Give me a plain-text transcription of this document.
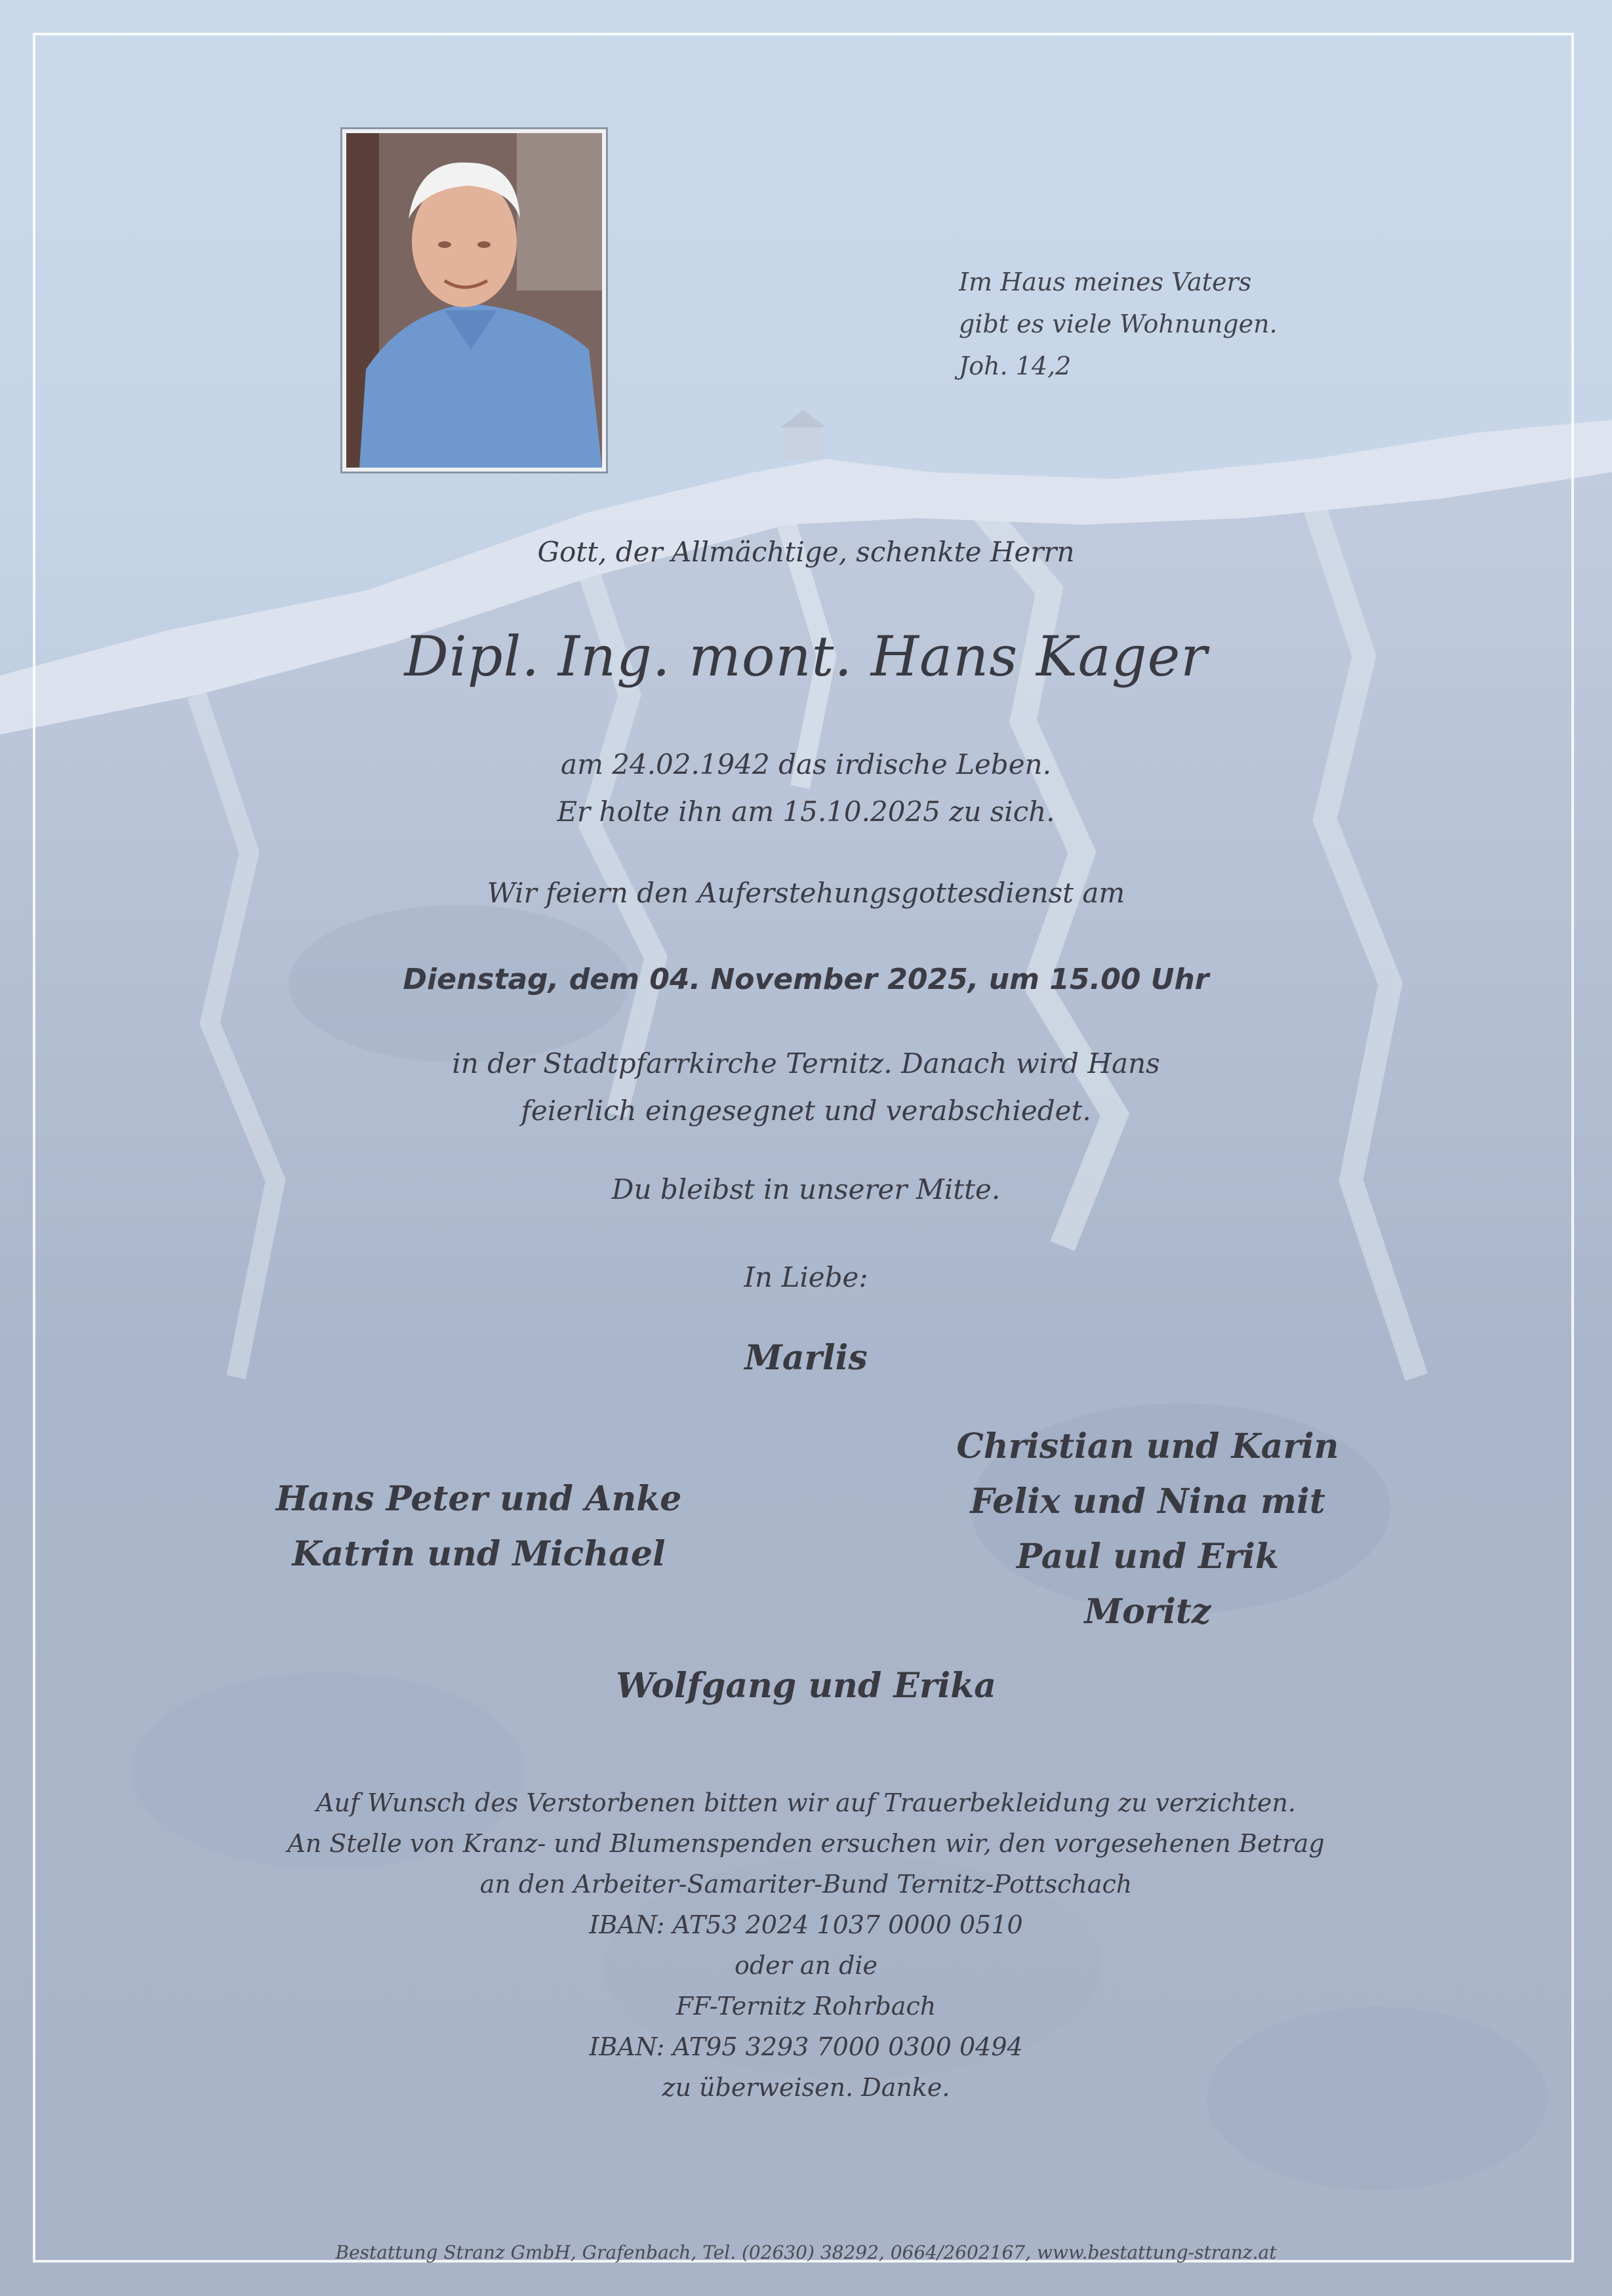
Im Haus meines Vaters
gibt es viele Wohnungen.
Joh. 14,2
Gott, der Allmächtige, schenkte Herrn
Dipl. Ing. mont. Hans Kager
am 24.02.1942 das irdische Leben.
Er holte ihn am 15.10.2025 zu sich.
Wir feiern den Auferstehungsgottesdienst am
Dienstag, dem 04. November 2025, um 15.00 Uhr
in der Stadtpfarrkirche Ternitz. Danach wird Hans
feierlich eingesegnet und verabschiedet.
Du bleibst in unserer Mitte.
In Liebe:
Marlis
Hans Peter und Anke
Katrin und Michael
Christian und Karin
Felix und Nina mit
Paul und Erik
Moritz
Wolfgang und Erika
Auf Wunsch des Verstorbenen bitten wir auf Trauerbekleidung zu verzichten.
An Stelle von Kranz- und Blumenspenden ersuchen wir, den vorgesehenen Betrag
an den Arbeiter-Samariter-Bund Ternitz-Pottschach
IBAN: AT53 2024 1037 0000 0510
oder an die
FF-Ternitz Rohrbach
IBAN: AT95 3293 7000 0300 0494
zu überweisen. Danke.
Bestattung Stranz GmbH, Grafenbach, Tel. (02630) 38292, 0664/2602167, www.bestattung-stranz.at
